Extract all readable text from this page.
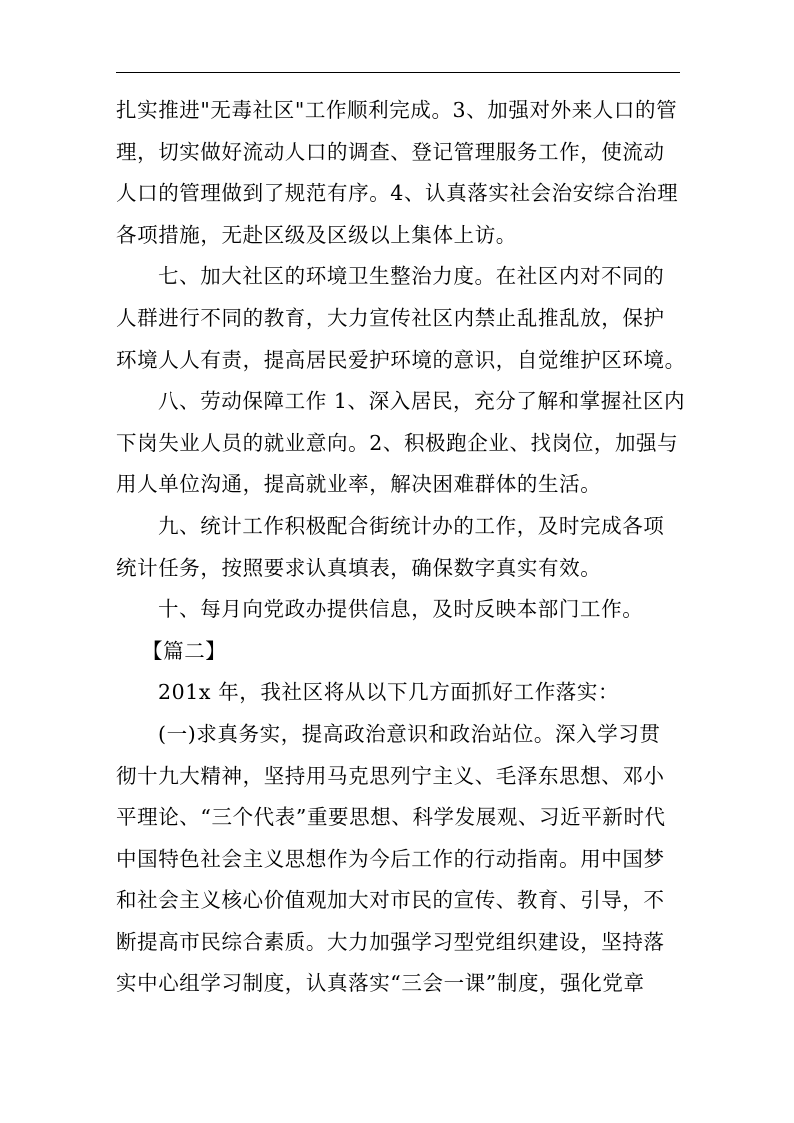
扎实推进"无毒社区"工作顺利完成。3、加强对外来人口的管
理，切实做好流动人口的调查、登记管理服务工作，使流动
人口的管理做到了规范有序。4、认真落实社会治安综合治理
各项措施，无赴区级及区级以上集体上访。
七、加大社区的环境卫生整治力度。在社区内对不同的
人群进行不同的教育，大力宣传社区内禁止乱推乱放，保护
环境人人有责，提高居民爱护环境的意识，自觉维护区环境。
八、劳动保障工作 1、深入居民，充分了解和掌握社区内
下岗失业人员的就业意向。2、积极跑企业、找岗位，加强与
用人单位沟通，提高就业率，解决困难群体的生活。
九、统计工作积极配合街统计办的工作，及时完成各项
统计任务，按照要求认真填表，确保数字真实有效。
十、每月向党政办提供信息，及时反映本部门工作。
【篇二】
201x 年，我社区将从以下几方面抓好工作落实：
(一)求真务实，提高政治意识和政治站位。深入学习贯
彻十九大精神，坚持用马克思列宁主义、毛泽东思想、邓小
平理论、“三个代表”重要思想、科学发展观、习近平新时代
中国特色社会主义思想作为今后工作的行动指南。用中国梦
和社会主义核心价值观加大对市民的宣传、教育、引导，不
断提高市民综合素质。大力加强学习型党组织建设，坚持落
实中心组学习制度，认真落实“三会一课”制度，强化党章
